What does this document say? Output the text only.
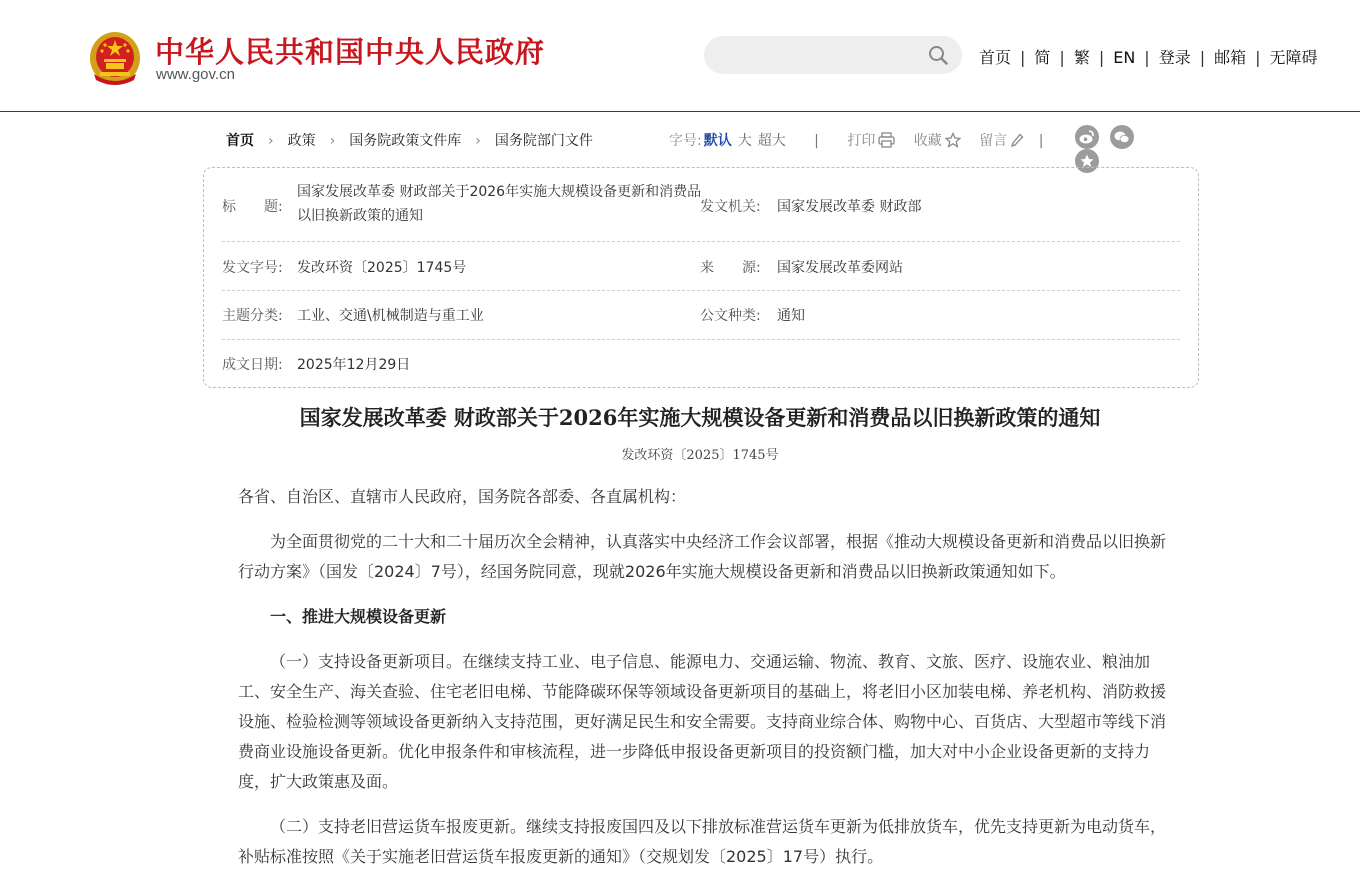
中华人民共和国中央人民政府
www.gov.cn
首页 | 简 | 繁 | EN | 登录 | 邮箱 | 无障碍
首页 › 政策 › 国务院政策文件库 › 国务院部门文件	字号: 默认 大 超大 | 打印	收藏	留言 |
标　　题:
国家发展改革委 财政部关于2026年实施大规模设备更新和消费品以旧换新政策的通知
发文机关: 国家发展改革委 财政部
发文字号: 发改环资〔2025〕1745号	来　　源: 国家发展改革委网站
主题分类: 工业、交通\机械制造与重工业	公文种类: 通知
成文日期: 2025年12月29日
国家发展改革委 财政部关于2026年实施大规模设备更新和消费品以旧换新政策的通知
发改环资〔2025〕1745号

各省、自治区、直辖市人民政府，国务院各部委、各直属机构：

为全面贯彻党的二十大和二十届历次全会精神，认真落实中央经济工作会议部署，根据《推动大规模设备更新和消费品以旧换新行动方案》（国发〔2024〕7号），经国务院同意，现就2026年实施大规模设备更新和消费品以旧换新政策通知如下。

一、推进大规模设备更新

（一）支持设备更新项目。在继续支持工业、电子信息、能源电力、交通运输、物流、教育、文旅、医疗、设施农业、粮油加工、安全生产、海关查验、住宅老旧电梯、节能降碳环保等领域设备更新项目的基础上，将老旧小区加装电梯、养老机构、消防救援设施、检验检测等领域设备更新纳入支持范围，更好满足民生和安全需要。支持商业综合体、购物中心、百货店、大型超市等线下消费商业设施设备更新。优化申报条件和审核流程，进一步降低申报设备更新项目的投资额门槛，加大对中小企业设备更新的支持力度，扩大政策惠及面。

（二）支持老旧营运货车报废更新。继续支持报废国四及以下排放标准营运货车更新为低排放货车，优先支持更新为电动货车，补贴标准按照《关于实施老旧营运货车报废更新的通知》（交规划发〔2025〕17号）执行。
